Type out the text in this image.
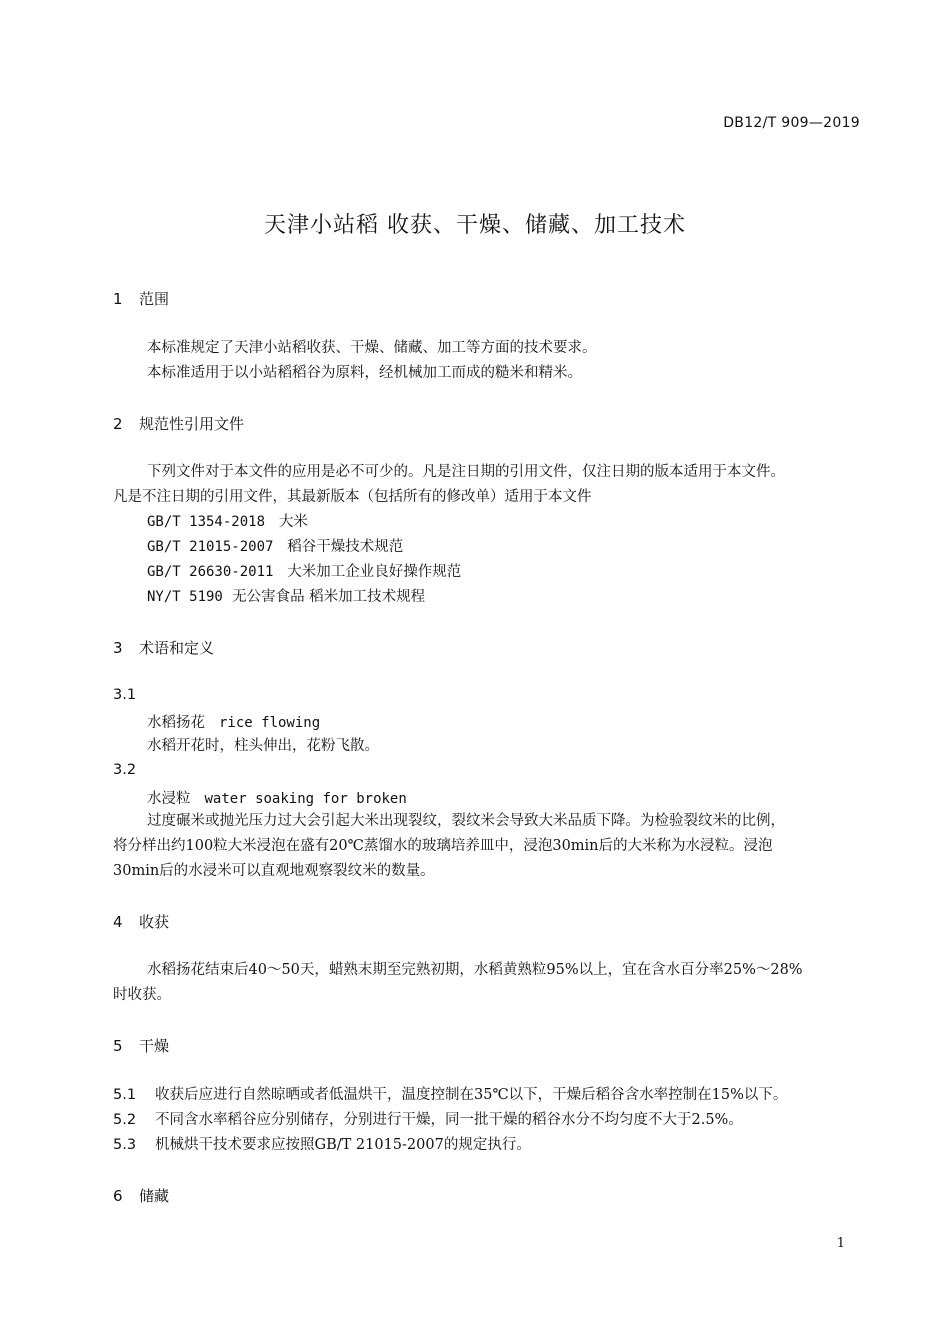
DB12/T 909—2019
天津小站稻 收获、干燥、储藏、加工技术
1 范围
本标准规定了天津小站稻收获、干燥、储藏、加工等方面的技术要求。
本标准适用于以小站稻稻谷为原料，经机械加工而成的糙米和精米。
2 规范性引用文件
下列文件对于本文件的应用是必不可少的。凡是注日期的引用文件，仅注日期的版本适用于本文件。
凡是不注日期的引用文件，其最新版本（包括所有的修改单）适用于本文件
GB/T 1354-2018 大米
GB/T 21015-2007 稻谷干燥技术规范
GB/T 26630-2011 大米加工企业良好操作规范
NY/T 5190 无公害食品 稻米加工技术规程
3 术语和定义
3.1
水稻扬花 rice flowing
水稻开花时，柱头伸出，花粉飞散。
3.2
水浸粒 water soaking for broken
过度碾米或抛光压力过大会引起大米出现裂纹，裂纹米会导致大米品质下降。为检验裂纹米的比例，
将分样出约100粒大米浸泡在盛有20℃蒸馏水的玻璃培养皿中，浸泡30min后的大米称为水浸粒。浸泡
30min后的水浸米可以直观地观察裂纹米的数量。
4 收获
水稻扬花结束后40～50天，蜡熟末期至完熟初期，水稻黄熟粒95%以上，宜在含水百分率25%～28%
时收获。
5 干燥
5.1 收获后应进行自然晾晒或者低温烘干，温度控制在35℃以下，干燥后稻谷含水率控制在15%以下。
5.2 不同含水率稻谷应分别储存，分别进行干燥，同一批干燥的稻谷水分不均匀度不大于2.5%。
5.3 机械烘干技术要求应按照GB/T 21015-2007的规定执行。
6 储藏
1
